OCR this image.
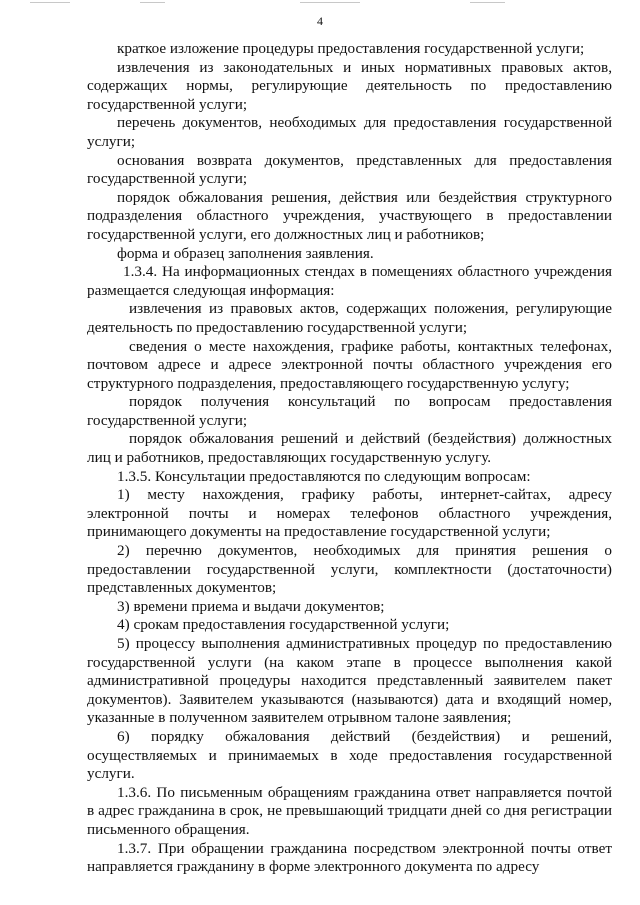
4

краткое изложение процедуры предоставления государственной услуги;

извлечения из законодательных и иных нормативных правовых актов, содержащих нормы, регулирующие деятельность по предоставлению государственной услуги;

перечень документов, необходимых для предоставления государственной услуги;

основания возврата документов, представленных для предоставления государственной услуги;

порядок обжалования решения, действия или бездействия структурного подразделения областного учреждения, участвующего в предоставлении государственной услуги, его должностных лиц и работников;

форма и образец заполнения заявления.

1.3.4. На информационных стендах в помещениях областного учреждения размещается следующая информация:

извлечения из правовых актов, содержащих положения, регулирующие деятельность по предоставлению государственной услуги;

сведения о месте нахождения, графике работы, контактных телефонах, почтовом адресе и адресе электронной почты областного учреждения его структурного подразделения, предоставляющего государственную услугу;

порядок получения консультаций по вопросам предоставления государственной услуги;

порядок обжалования решений и действий (бездействия) должностных лиц и работников, предоставляющих государственную услугу.

1.3.5. Консультации предоставляются по следующим вопросам:

1) месту нахождения, графику работы, интернет-сайтах, адресу электронной почты и номерах телефонов областного учреждения, принимающего документы на предоставление государственной услуги;

2) перечню документов, необходимых для принятия решения о предоставлении государственной услуги, комплектности (достаточности) представленных документов;

3) времени приема и выдачи документов;

4) срокам предоставления государственной услуги;

5) процессу выполнения административных процедур по предоставлению государственной услуги (на каком этапе в процессе выполнения какой административной процедуры находится представленный заявителем пакет документов). Заявителем указываются (называются) дата и входящий номер, указанные в полученном заявителем отрывном талоне заявления;

6) порядку обжалования действий (бездействия) и решений, осуществляемых и принимаемых в ходе предоставления государственной услуги.

1.3.6. По письменным обращениям гражданина ответ направляется почтой в адрес гражданина в срок, не превышающий тридцати дней со дня регистрации письменного обращения.

1.3.7. При обращении гражданина посредством электронной почты ответ направляется гражданину в форме электронного документа по адресу
